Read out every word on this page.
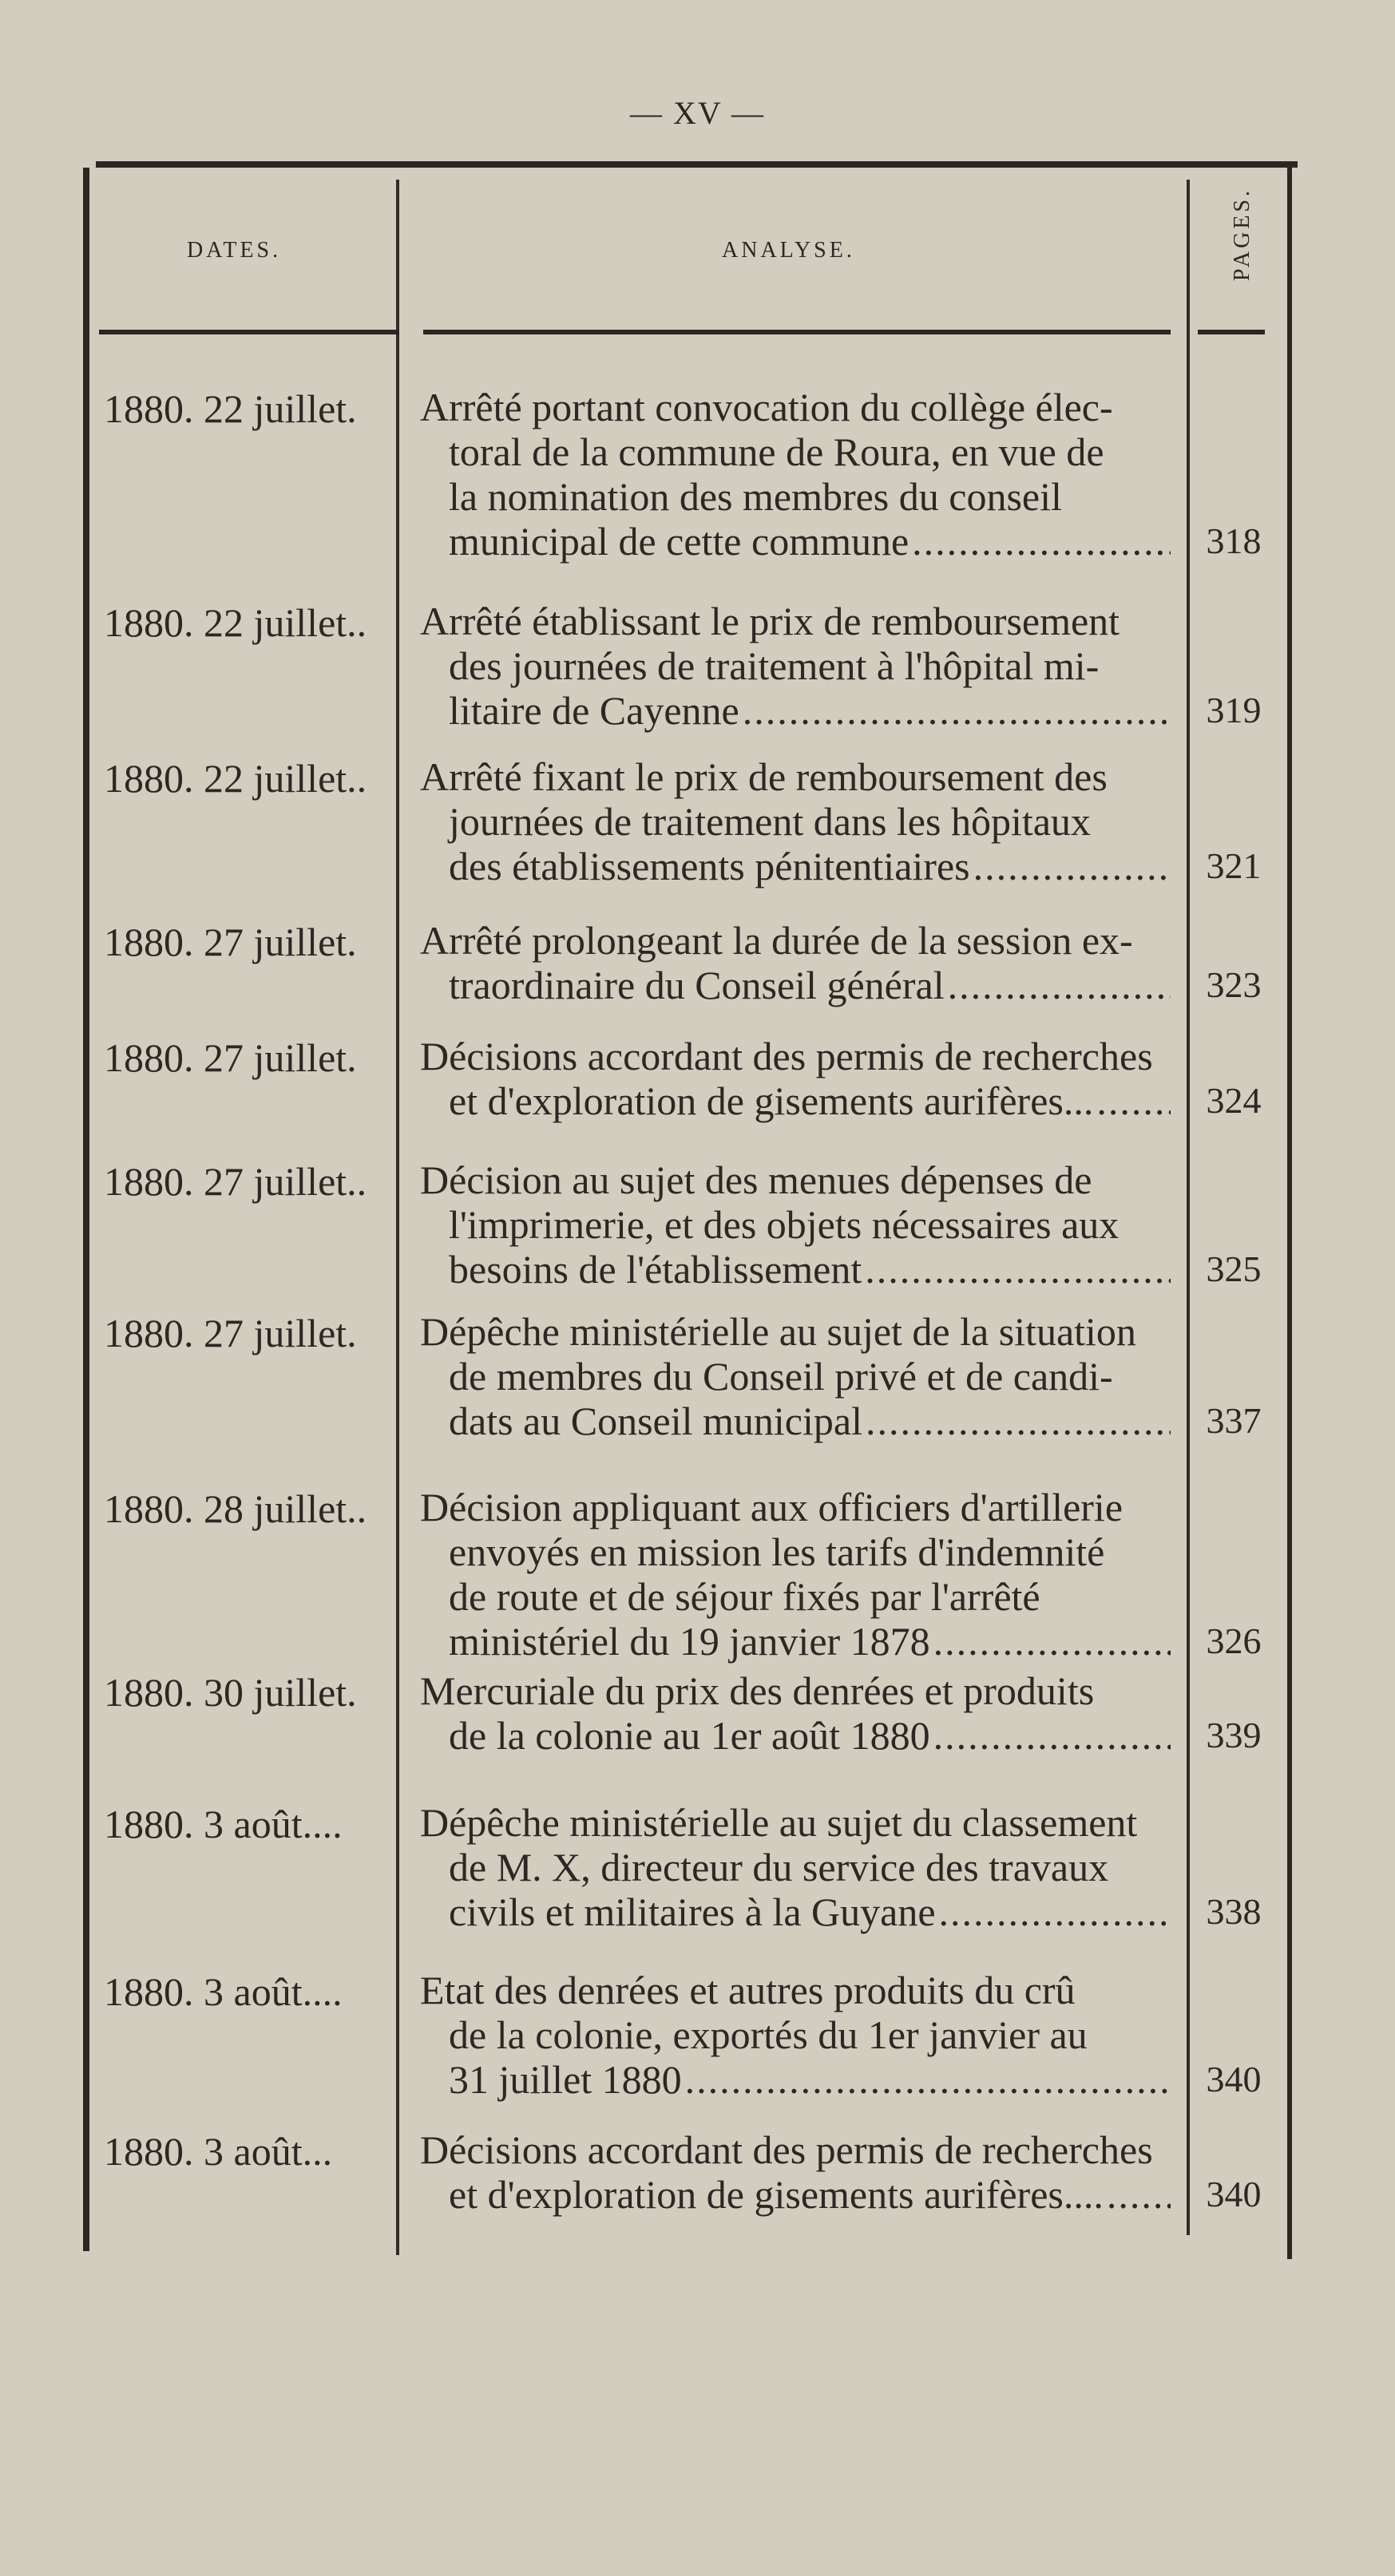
— XV —
DATES.	ANALYSE.	PAGES.
1880. 22 juillet.	Arrêté portant convocation du collège élec-
toral de la commune de Roura, en vue de
la nomination des membres du conseil
municipal de cette commune .....	318
1880. 22 juillet..	Arrêté établissant le prix de remboursement
des journées de traitement à l'hôpital mi-
litaire de Cayenne .....	319
1880. 22 juillet..	Arrêté fixant le prix de remboursement des
journées de traitement dans les hôpitaux
des établissements pénitentiaires .....	321
1880. 27 juillet.	Arrêté prolongeant la durée de la session ex-
traordinaire du Conseil général .....	323
1880. 27 juillet.	Décisions accordant des permis de recherches
et d'exploration de gisements aurifères... .....	324
1880. 27 juillet..	Décision au sujet des menues dépenses de
l'imprimerie, et des objets nécessaires aux
besoins de l'établissement .....	325
1880. 27 juillet.	Dépêche ministérielle au sujet de la situation
de membres du Conseil privé et de candi-
dats au Conseil municipal .....	337
1880. 28 juillet..	Décision appliquant aux officiers d'artillerie
envoyés en mission les tarifs d'indemnité
de route et de séjour fixés par l'arrêté
ministériel du 19 janvier 1878 .....	326
1880. 30 juillet.	Mercuriale du prix des denrées et produits
de la colonie au 1er août 1880 .....	339
1880. 3 août....	Dépêche ministérielle au sujet du classement
de M. X, directeur du service des travaux
civils et militaires à la Guyane .....	338
1880. 3 août....	Etat des denrées et autres produits du crû
de la colonie, exportés du 1er janvier au
31 juillet 1880 .....	340
1880. 3 août...	Décisions accordant des permis de recherches
et d'exploration de gisements aurifères.... .....	340
